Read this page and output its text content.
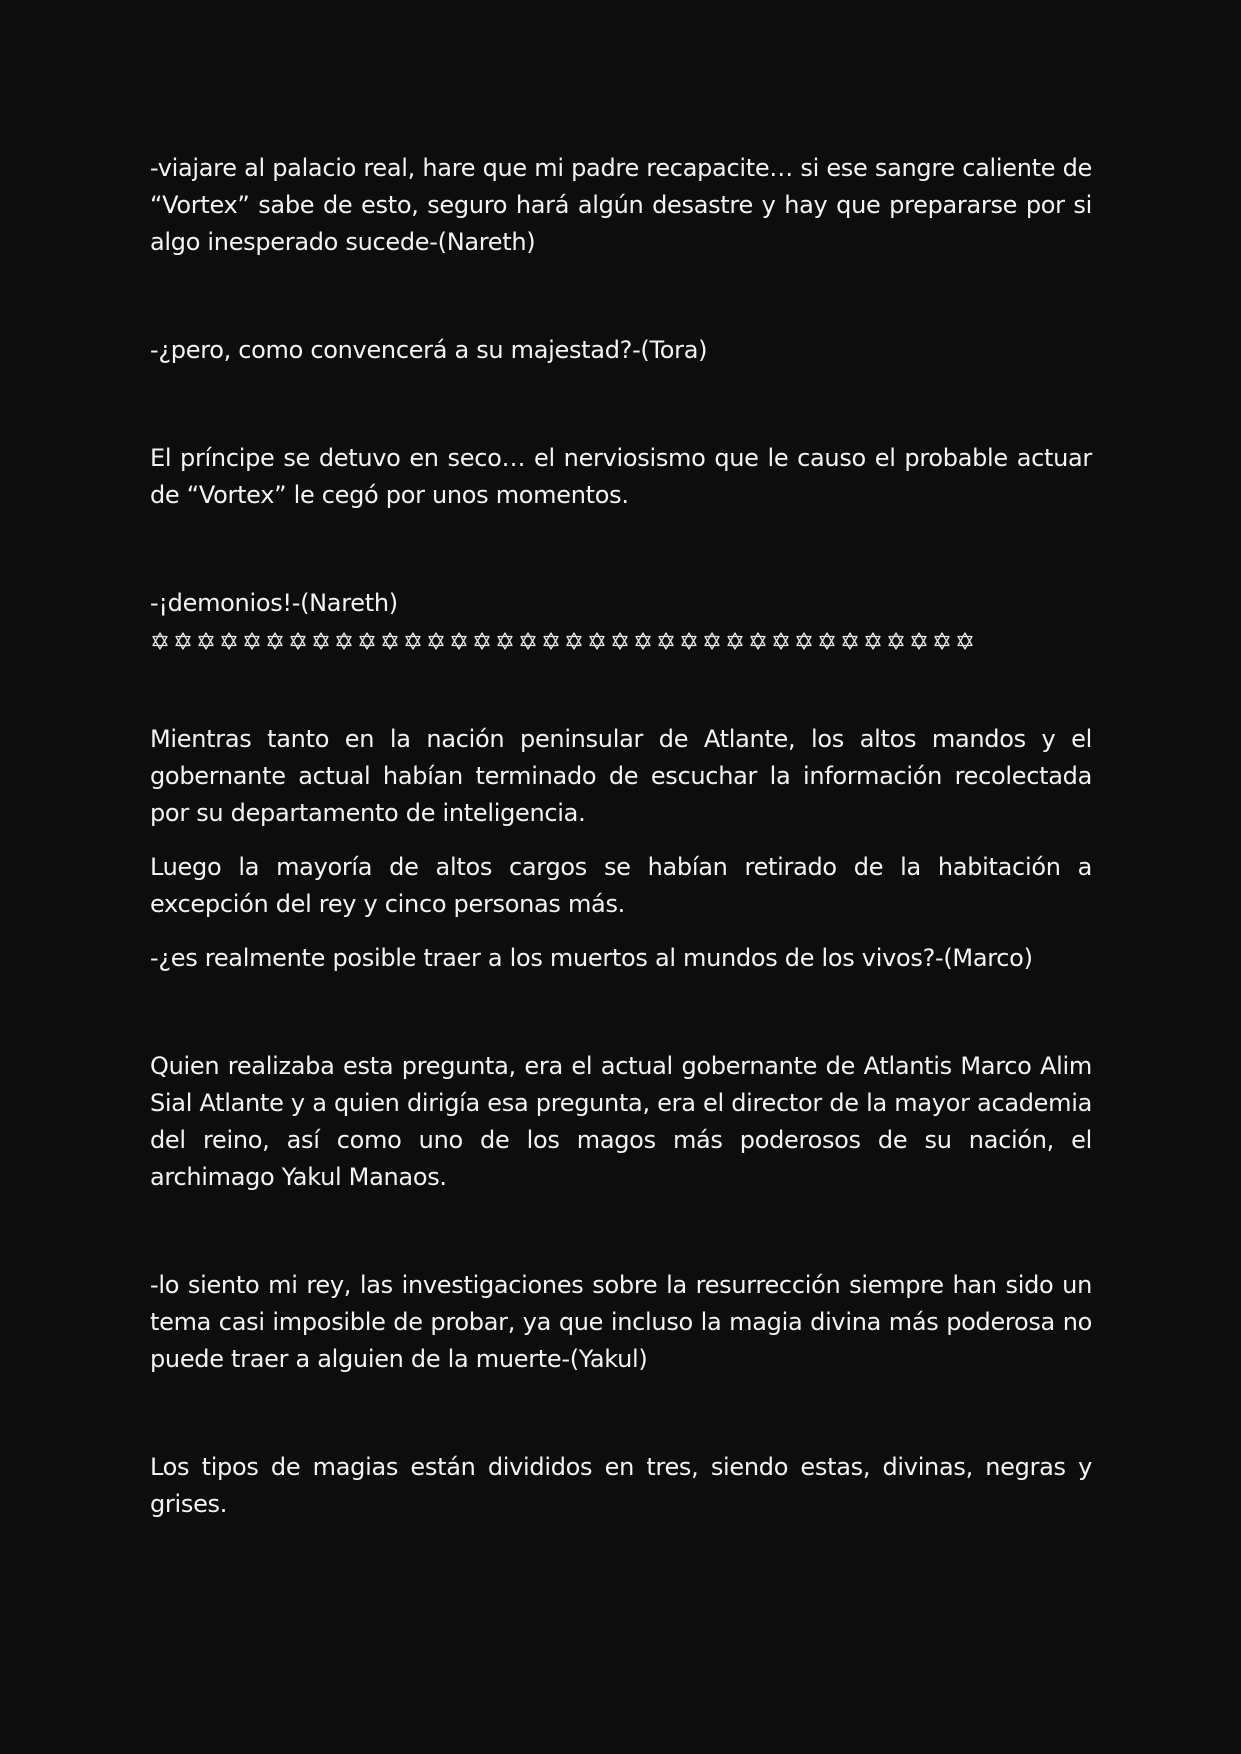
-viajare al palacio real, hare que mi padre recapacite… si ese sangre caliente de “Vortex” sabe de esto, seguro hará algún desastre y hay que prepararse por si algo inesperado sucede-(Nareth)

-¿pero, como convencerá a su majestad?-(Tora)

El príncipe se detuvo en seco… el nerviosismo que le causo el probable actuar de “Vortex” le cegó por unos momentos.

-¡demonios!-(Nareth)

Mientras tanto en la nación peninsular de Atlante, los altos mandos y el gobernante actual habían terminado de escuchar la información recolectada por su departamento de inteligencia.

Luego la mayoría de altos cargos se habían retirado de la habitación a excepción del rey y cinco personas más.

-¿es realmente posible traer a los muertos al mundos de los vivos?-(Marco)

Quien realizaba esta pregunta, era el actual gobernante de Atlantis Marco Alim Sial Atlante y a quien dirigía esa pregunta, era el director de la mayor academia del reino, así como uno de los magos más poderosos de su nación, el archimago Yakul Manaos.

-lo siento mi rey, las investigaciones sobre la resurrección siempre han sido un tema casi imposible de probar, ya que incluso la magia divina más poderosa no puede traer a alguien de la muerte-(Yakul)

Los tipos de magias están divididos en tres, siendo estas, divinas, negras y grises.
